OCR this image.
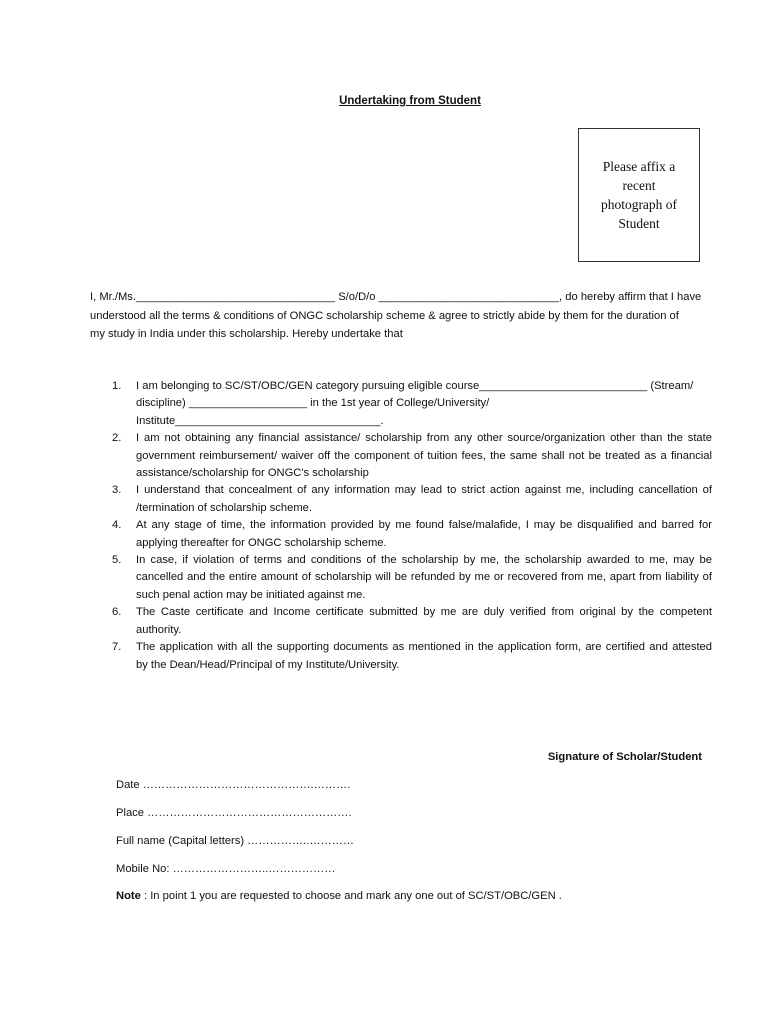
Undertaking from Student
Please affix a recent photograph of Student
I, Mr./Ms.________________________________ S/o/D/o _____________________________, do hereby affirm that I have
understood all the terms & conditions of ONGC scholarship scheme & agree to strictly abide by them for the duration of
my study in India under this scholarship. Hereby undertake that
1. I am belonging to SC/ST/OBC/GEN category pursuing eligible course___________________________ (Stream/
discipline) ___________________ in the 1st year of College/University/
Institute_________________________________.
2. I am not obtaining any financial assistance/ scholarship from any other source/organization other than the state
government reimbursement/ waiver off the component of tuition fees, the same shall not be treated as a financial
assistance/scholarship for ONGC's scholarship
3. I understand that concealment of any information may lead to strict action against me, including cancellation of
/termination of scholarship scheme.
4. At any stage of time, the information provided by me found false/malafide, I may be disqualified and barred for
applying thereafter for ONGC scholarship scheme.
5. In case, if violation of terms and conditions of the scholarship by me, the scholarship awarded to me, may be
cancelled and the entire amount of scholarship will be refunded by me or recovered from me, apart from liability of
such penal action may be initiated against me.
6. The Caste certificate and Income certificate submitted by me are duly verified from original by the competent
authority.
7. The application with all the supporting documents as mentioned in the application form, are certified and attested
by the Dean/Head/Principal of my Institute/University.
Signature of Scholar/Student
Date ……………………………………….……….
Place ……………………………………………….
Full name (Capital letters) ……………..…………
Mobile No: ……………………..………………
Note : In point 1 you are requested to choose and mark any one out of SC/ST/OBC/GEN .
